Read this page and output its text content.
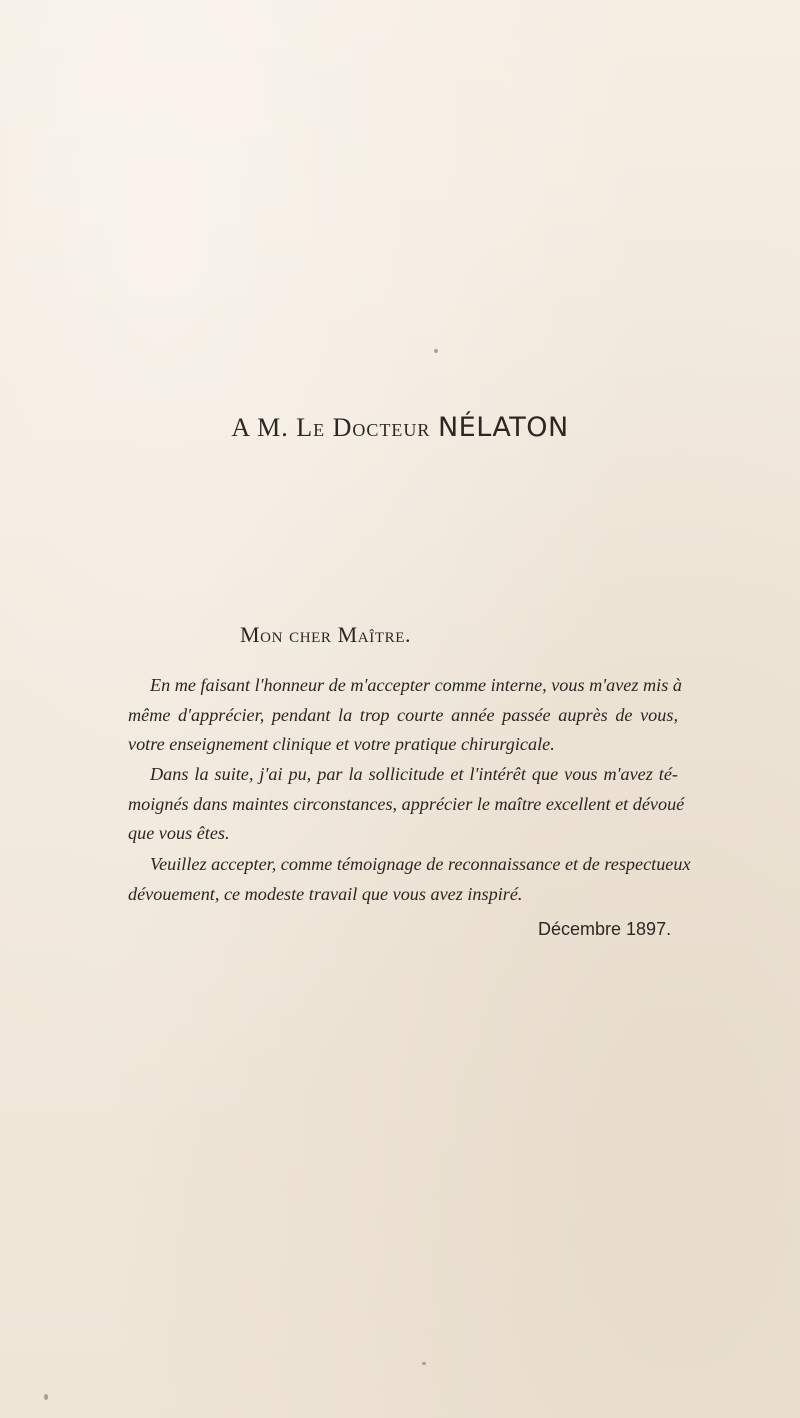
A M. Le Docteur NÉLATON
Mon cher Maître.
En me faisant l'honneur de m'accepter comme interne, vous m'avez mis à
même d'apprécier, pendant la trop courte année passée auprès de vous,
votre enseignement clinique et votre pratique chirurgicale.
Dans la suite, j'ai pu, par la sollicitude et l'intérêt que vous m'avez té-
moignés dans maintes circonstances, apprécier le maître excellent et dévoué
que vous êtes.
Veuillez accepter, comme témoignage de reconnaissance et de respectueux
dévouement, ce modeste travail que vous avez inspiré.
Décembre 1897.
